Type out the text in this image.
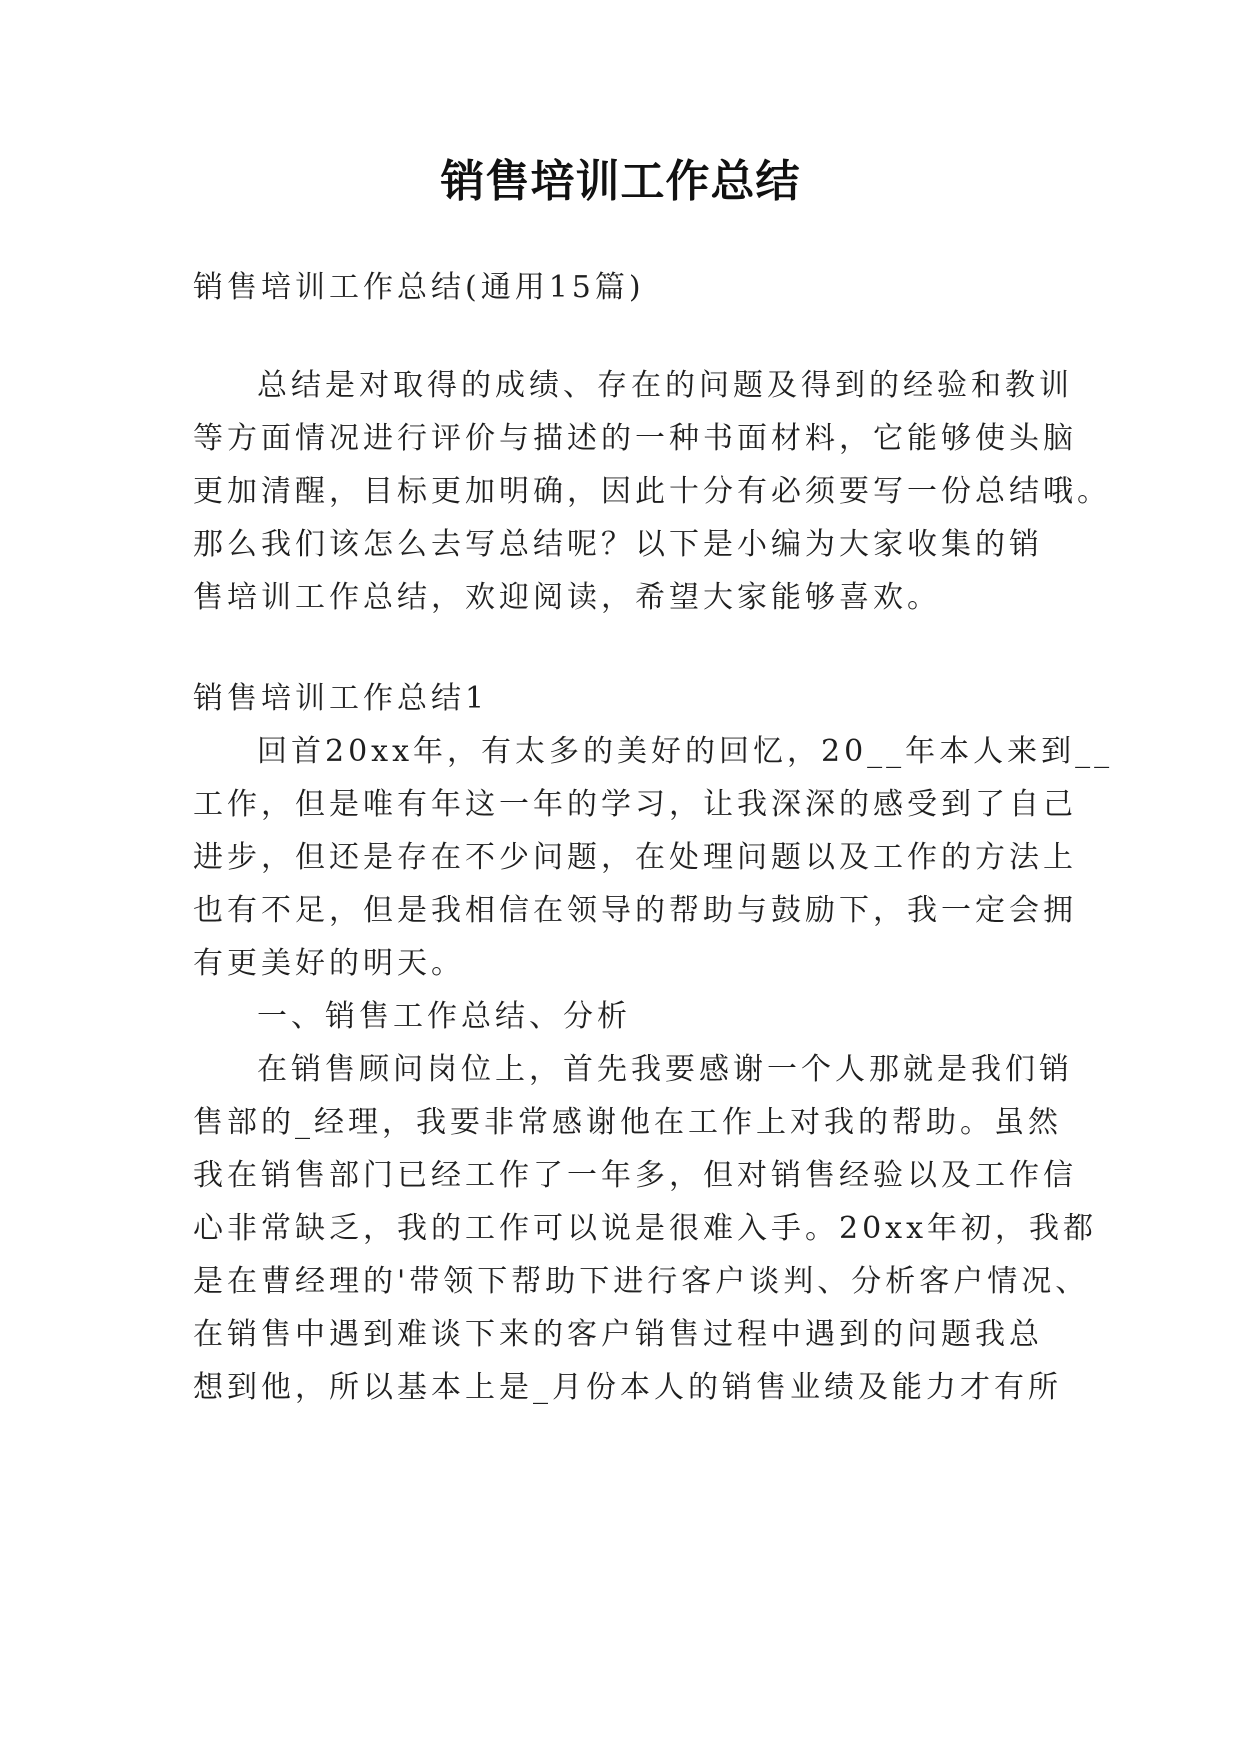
销售培训工作总结
销售培训工作总结(通用15篇)
总结是对取得的成绩、存在的问题及得到的经验和教训
等方面情况进行评价与描述的一种书面材料，它能够使头脑
更加清醒，目标更加明确，因此十分有必须要写一份总结哦。
那么我们该怎么去写总结呢？以下是小编为大家收集的销
售培训工作总结，欢迎阅读，希望大家能够喜欢。
销售培训工作总结1
回首20xx年，有太多的美好的回忆，20__年本人来到__
工作，但是唯有年这一年的学习，让我深深的感受到了自己
进步，但还是存在不少问题，在处理问题以及工作的方法上
也有不足，但是我相信在领导的帮助与鼓励下，我一定会拥
有更美好的明天。
一、销售工作总结、分析
在销售顾问岗位上，首先我要感谢一个人那就是我们销
售部的_经理，我要非常感谢他在工作上对我的帮助。虽然
我在销售部门已经工作了一年多，但对销售经验以及工作信
心非常缺乏，我的工作可以说是很难入手。20xx年初，我都
是在曹经理的'带领下帮助下进行客户谈判、分析客户情况、
在销售中遇到难谈下来的客户销售过程中遇到的问题我总
想到他，所以基本上是_月份本人的销售业绩及能力才有所
